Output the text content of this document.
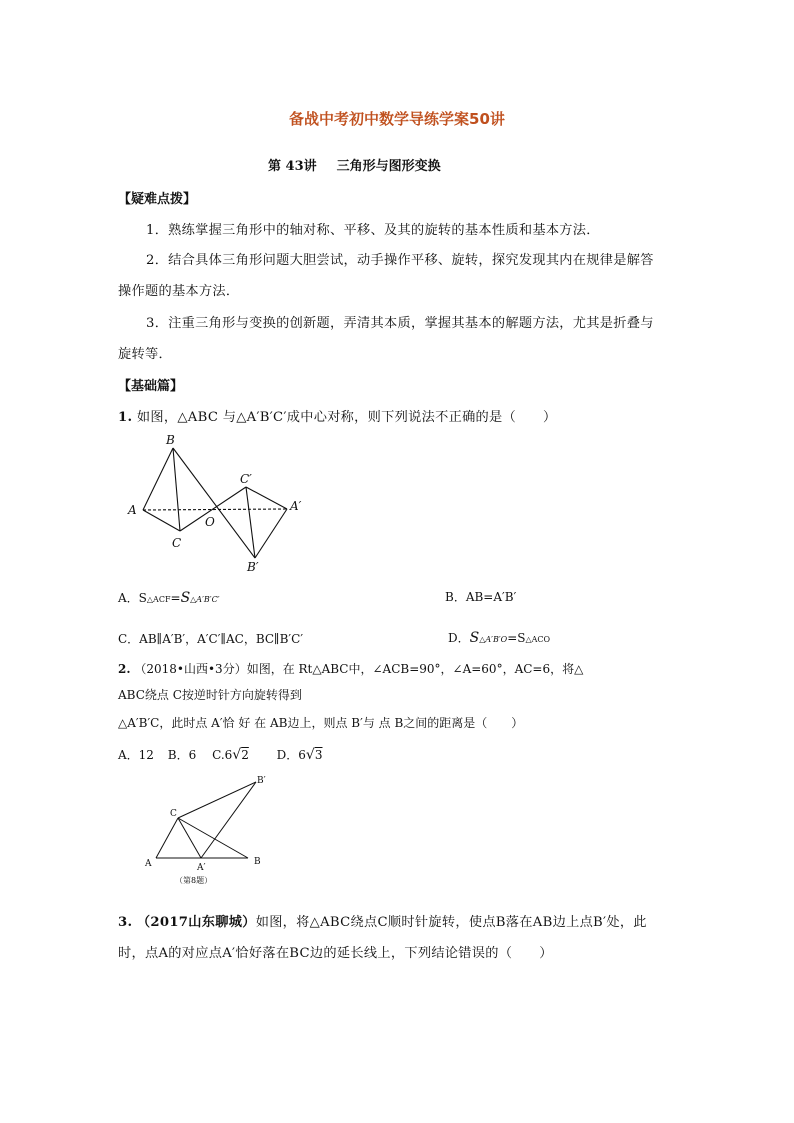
备战中考初中数学导练学案50讲
第 43讲 三角形与图形变换
【疑难点拨】
1．熟练掌握三角形中的轴对称、平移、及其的旋转的基本性质和基本方法．
2．结合具体三角形问题大胆尝试，动手操作平移、旋转，探究发现其内在规律是解答
操作题的基本方法．
3．注重三角形与变换的创新题，弄清其本质，掌握其基本的解题方法，尤其是折叠与
旋转等．
【基础篇】
1. 如图，△ABC 与△A′B′C′成中心对称，则下列说法不正确的是（　　）
B
A
C
O
C′
A′
B′
A．S△ACF=S△A′B′C′	B．AB=A′B′
C．AB∥A′B′，A′C′∥AC，BC∥B′C′	D．S△A′B′O=S△ACO
2. （2018•山西•3分）如图，在 Rt△ABC中，∠ACB=90°，∠A=60°，AC=6，将△
ABC绕点 C按逆时针方向旋转得到
△A′B′C，此时点 A′恰 好 在 AB边上，则点 B′与 点 B之间的距离是（　　）
A．12 B．6 C.6√2 D．6√3
B′
C
A	A′
B
（第8题）
3. （2017山东聊城）如图，将△ABC绕点C顺时针旋转，使点B落在AB边上点B′处，此
时，点A的对应点A′恰好落在BC边的延长线上，下列结论错误的（　　）
